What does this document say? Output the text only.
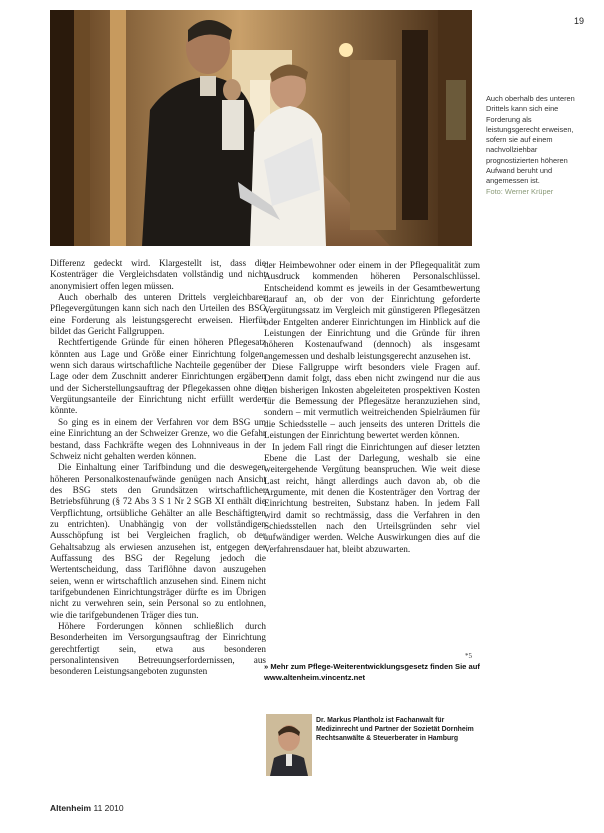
19
Auch oberhalb des unteren Drittels kann sich eine Forderung als leistungsgerecht erweisen, sofern sie auf einem nachvollziehbar prognostizierten höheren Aufwand beruht und angemessen ist.
Foto: Werner Krüper

Differenz gedeckt wird. Klargestellt ist, dass die Kostenträger die Vergleichsdaten vollständig und nicht anonymisiert offen legen müssen.

Auch oberhalb des unteren Drittels vergleichbarer Pflegevergütungen kann sich nach den Urteilen des BSG eine Forderung als leistungsgerecht erweisen. Hierfür bildet das Gericht Fallgruppen.

Rechtfertigende Gründe für einen höheren Pflegesatz könnten aus Lage und Größe einer Einrichtung folgen, wenn sich daraus wirtschaftliche Nachteile gegenüber der Lage oder dem Zuschnitt anderer Einrichtungen ergäben und der Sicherstellungsauftrag der Pflegekassen ohne die Vergütungsanteile der Einrichtung nicht erfüllt werden könnte.

So ging es in einem der Verfahren vor dem BSG um eine Einrichtung an der Schweizer Grenze, wo die Gefahr bestand, dass Fachkräfte wegen des Lohnniveaus in der Schweiz nicht gehalten werden können.

Die Einhaltung einer Tarifbindung und die deswegen höheren Personalkostenaufwände genügen nach Ansicht des BSG stets den Grundsätzen wirtschaftlicher Betriebsführung (§ 72 Abs 3 S 1 Nr 2 SGB XI enthält die Verpflichtung, ortsübliche Gehälter an alle Beschäftigten zu entrichten). Unabhängig von der vollständigen Ausschöpfung ist bei Vergleichen fraglich, ob der Gehaltsabzug als erwiesen anzusehen ist, entgegen der Auffassung des BSG der Regelung jedoch die Wertentscheidung, dass Tariflöhne davon auszugehen seien, wenn er wirtschaftlich anzusehen sind. Einem nicht tarifgebundenen Einrichtungsträger dürfte es im Übrigen nicht zu verwehren sein, sein Personal so zu entlohnen, wie die tarifgebundenen Träger dies tun.

Höhere Forderungen können schließlich durch Besonderheiten im Versorgungsauftrag der Einrichtung gerechtfertigt sein, etwa aus besonderen personalintensiven Betreuungserfordernissen, aus besonderen Leistungsangeboten zugunsten

der Heimbewohner oder einem in der Pflegequalität zum Ausdruck kommenden höheren Personalschlüssel. Entscheidend kommt es jeweils in der Gesamtbewertung darauf an, ob der von der Einrichtung geforderte Vergütungssatz im Vergleich mit günstigeren Pflegesätzen oder Entgelten anderer Einrichtungen im Hinblick auf die Leistungen der Einrichtung und die Gründe für ihren höheren Kostenaufwand (dennoch) als insgesamt angemessen und deshalb leistungsgerecht anzusehen ist.

Diese Fallgruppe wirft besonders viele Fragen auf. Denn damit folgt, dass eben nicht zwingend nur die aus den bisherigen Inkosten abgeleiteten prospektiven Kosten für die Bemessung der Pflegesätze heranzuziehen sind, sondern – mit vermutlich weitreichenden Spielräumen für die Schiedsstelle – auch jenseits des unteren Drittels die Leistungen der Einrichtung bewertet werden können.

In jedem Fall ringt die Einrichtungen auf dieser letzten Ebene die Last der Darlegung, weshalb sie eine weitergehende Vergütung beanspruchen. Wie weit diese Last reicht, hängt allerdings auch davon ab, ob die Argumente, mit denen die Kostenträger den Vortrag der Einrichtung bestreiten, Substanz haben. In jedem Fall wird damit so rechtmässig, dass die Verfahren in den Schiedsstellen nach den Urteilsgründen sehr viel aufwändiger werden. Welche Auswirkungen dies auf die Verfahrensdauer hat, bleibt abzuwarten.

*5
» Mehr zum Pflege-Weiterentwicklungsgesetz finden Sie auf www.altenheim.vincentz.net
Dr. Markus Plantholz ist Fachanwalt für Medizinrecht und Partner der Sozietät Dornheim Rechtsanwälte & Steuerberater in Hamburg
Altenheim 11 2010
